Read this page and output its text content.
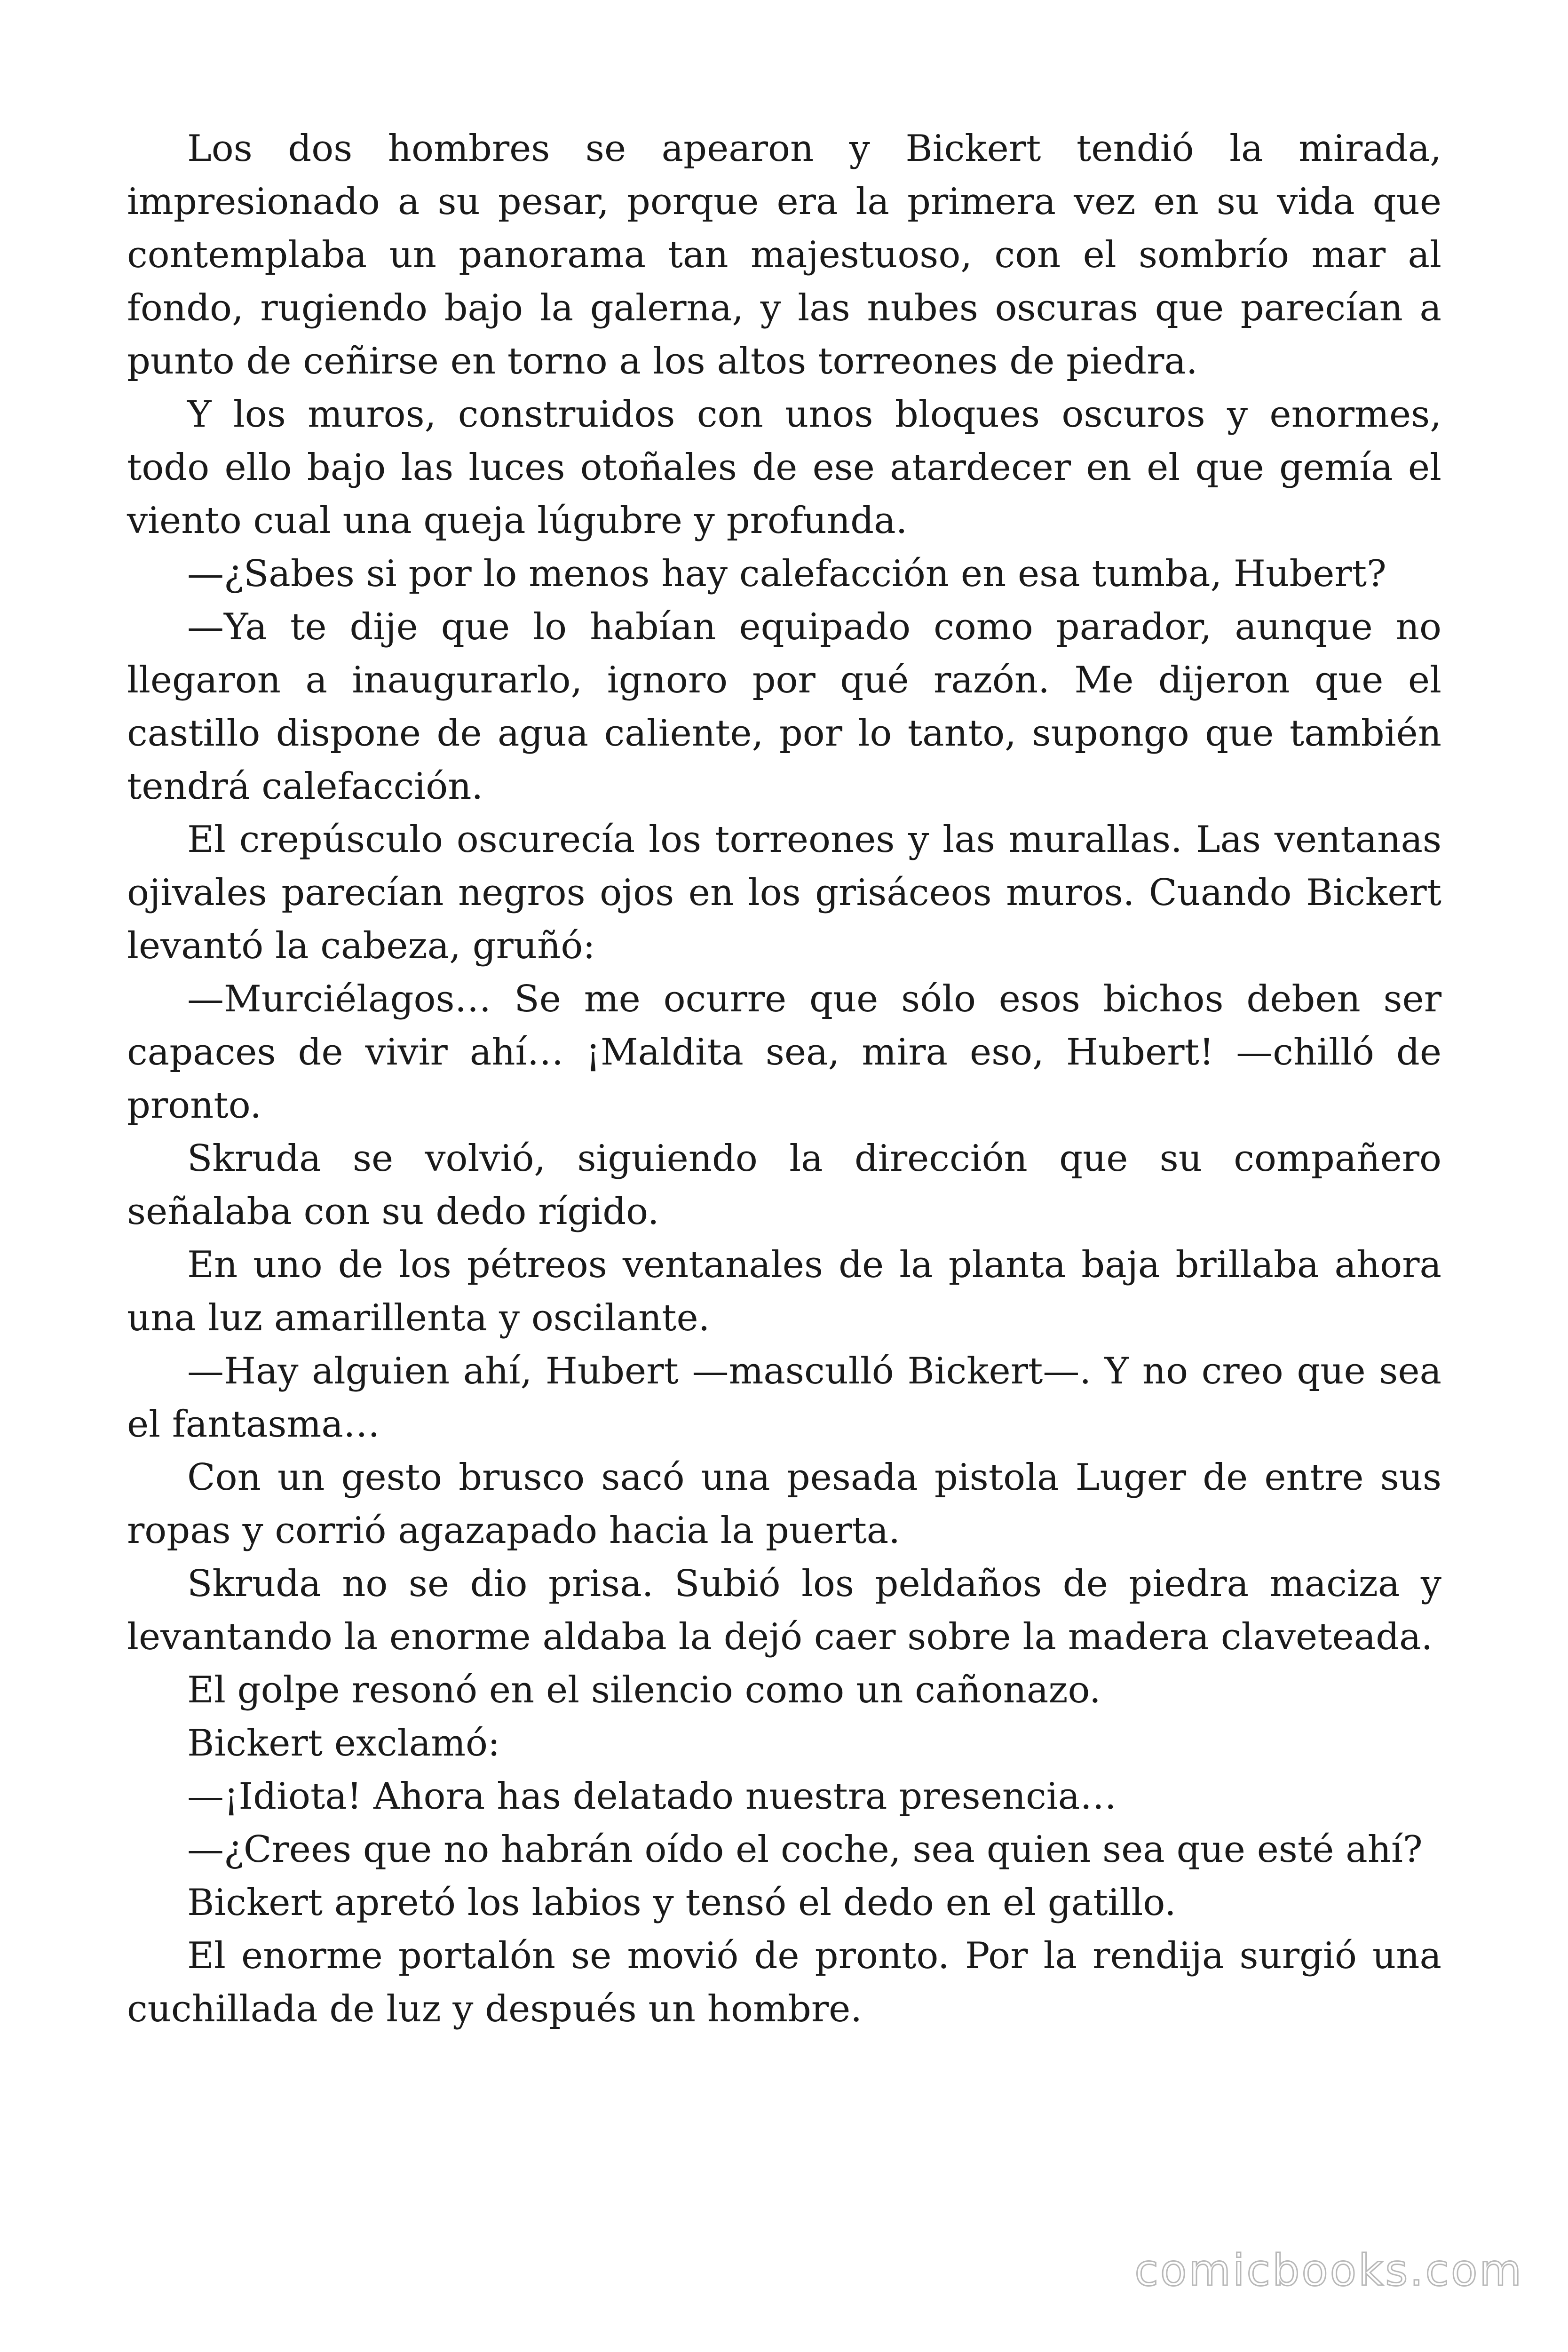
Los dos hombres se apearon y Bickert tendió la mirada, impresionado a su pesar, porque era la primera vez en su vida que contemplaba un panorama tan majestuoso, con el sombrío mar al fondo, rugiendo bajo la galerna, y las nubes oscuras que parecían a punto de ceñirse en torno a los altos torreones de piedra.

Y los muros, construidos con unos bloques oscuros y enormes, todo ello bajo las luces otoñales de ese atardecer en el que gemía el viento cual una queja lúgubre y profunda.

—¿Sabes si por lo menos hay calefacción en esa tumba, Hubert?

—Ya te dije que lo habían equipado como parador, aunque no llegaron a inaugurarlo, ignoro por qué razón. Me dijeron que el castillo dispone de agua caliente, por lo tanto, supongo que también tendrá calefacción.

El crepúsculo oscurecía los torreones y las murallas. Las ventanas ojivales parecían negros ojos en los grisáceos muros. Cuando Bickert levantó la cabeza, gruñó:

—Murciélagos… Se me ocurre que sólo esos bichos deben ser capaces de vivir ahí… ¡Maldita sea, mira eso, Hubert! —chilló de pronto.

Skruda se volvió, siguiendo la dirección que su compañero señalaba con su dedo rígido.

En uno de los pétreos ventanales de la planta baja brillaba ahora una luz amarillenta y oscilante.

—Hay alguien ahí, Hubert —masculló Bickert—. Y no creo que sea el fantasma…

Con un gesto brusco sacó una pesada pistola Luger de entre sus ropas y corrió agazapado hacia la puerta.

Skruda no se dio prisa. Subió los peldaños de piedra maciza y levantando la enorme aldaba la dejó caer sobre la madera claveteada.

El golpe resonó en el silencio como un cañonazo.

Bickert exclamó:

—¡Idiota! Ahora has delatado nuestra presencia…

—¿Crees que no habrán oído el coche, sea quien sea que esté ahí?

Bickert apretó los labios y tensó el dedo en el gatillo.

El enorme portalón se movió de pronto. Por la rendija surgió una cuchillada de luz y después un hombre.

comicbooks.com
